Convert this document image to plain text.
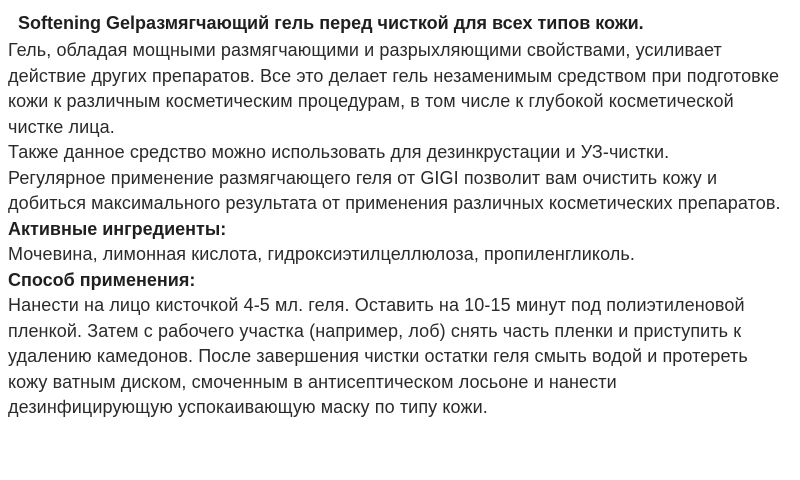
Softening Gelразмягчающий гель перед чисткой для всех типов кожи.

Гель, обладая мощными размягчающими и разрыхляющими свойствами, усиливает действие других препаратов. Все это делает гель незаменимым средством при подготовке кожи к различным косметическим процедурам, в том числе к глубокой косметической чистке лица.

Также данное средство можно использовать для дезинкрустации и УЗ-чистки.

Регулярное применение размягчающего геля от GIGI позволит вам очистить кожу и добиться максимального результата от применения различных косметических препаратов.

Активные ингредиенты:

Мочевина, лимонная кислота, гидроксиэтилцеллюлоза, пропиленгликоль.

Способ применения:

Нанести на лицо кисточкой 4-5 мл. геля. Оставить на 10-15 минут под полиэтиленовой пленкой. Затем с рабочего участка (например, лоб) снять часть пленки и приступить к удалению камедонов. После завершения чистки остатки геля смыть водой и протереть кожу ватным диском, смоченным в антисептическом лосьоне и нанести дезинфицирующую успокаивающую маску по типу кожи.
